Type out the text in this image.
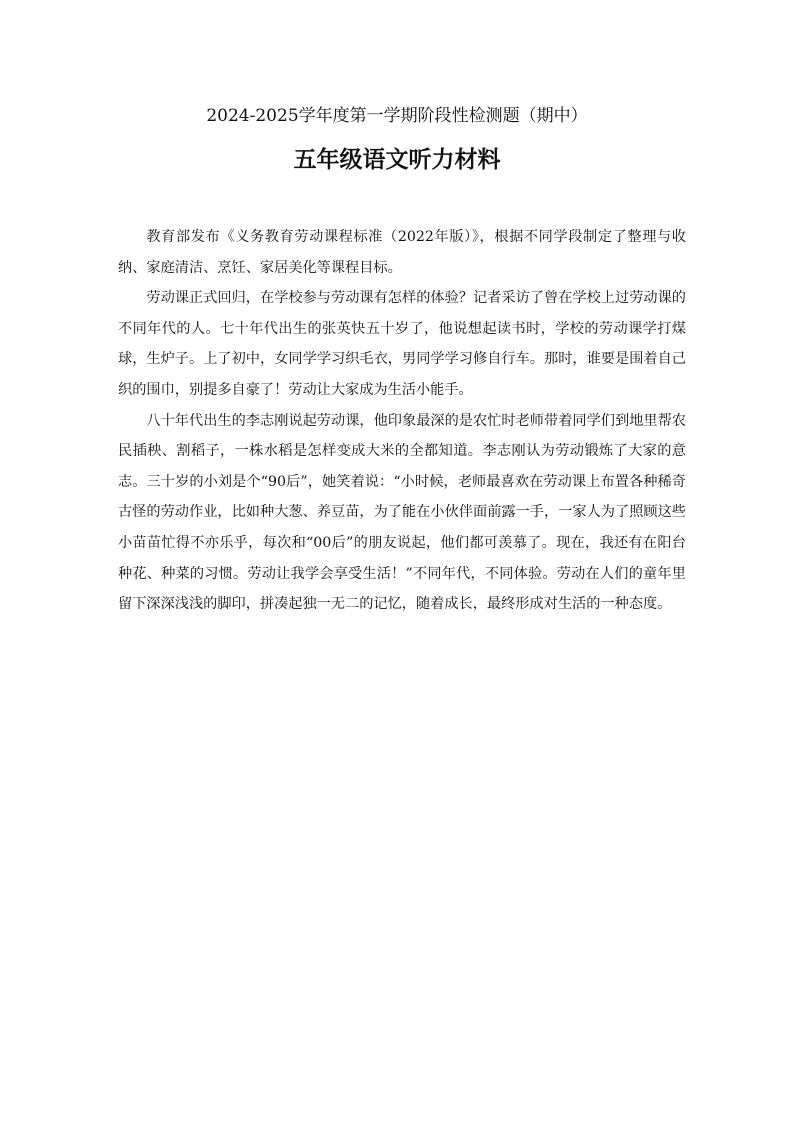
2024-2025学年度第一学期阶段性检测题（期中）
五年级语文听力材料

教育部发布《义务教育劳动课程标准（2022年版）》，根据不同学段制定了整理与收纳、家庭清洁、烹饪、家居美化等课程目标。

劳动课正式回归，在学校参与劳动课有怎样的体验？记者采访了曾在学校上过劳动课的不同年代的人。七十年代出生的张英快五十岁了，他说想起读书时，学校的劳动课学打煤球，生炉子。上了初中，女同学学习织毛衣，男同学学习修自行车。那时，谁要是围着自己织的围巾，别提多自豪了！劳动让大家成为生活小能手。

八十年代出生的李志刚说起劳动课，他印象最深的是农忙时老师带着同学们到地里帮农民插秧、割稻子，一株水稻是怎样变成大米的全都知道。李志刚认为劳动锻炼了大家的意志。三十岁的小刘是个“90后”，她笑着说：“小时候，老师最喜欢在劳动课上布置各种稀奇古怪的劳动作业，比如种大葱、养豆苗，为了能在小伙伴面前露一手，一家人为了照顾这些小苗苗忙得不亦乐乎，每次和“00后”的朋友说起，他们都可羡慕了。现在，我还有在阳台种花、种菜的习惯。劳动让我学会享受生活！”不同年代，不同体验。劳动在人们的童年里留下深深浅浅的脚印，拼凑起独一无二的记忆，随着成长，最终形成对生活的一种态度。
